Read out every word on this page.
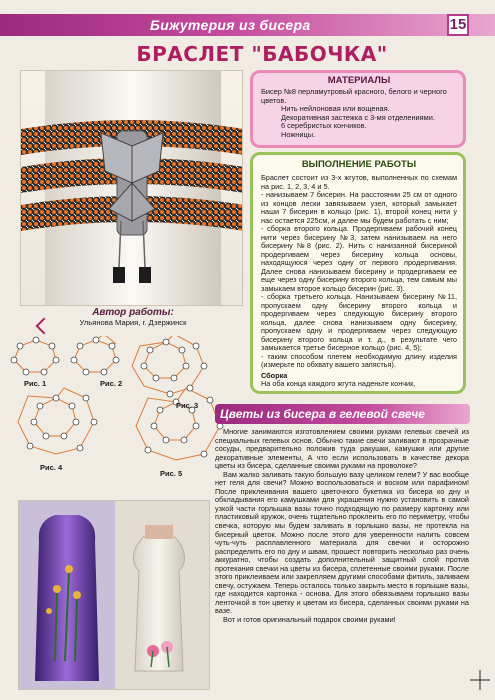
Бижутерия из бисера	15
БРАСЛЕТ "БАБОЧКА"
МАТЕРИАЛЫ

Бисер №8 перламутровый красного, белого и черного цветов.

Нить нейлоновая или вощеная.

Декоративная застежка с 3-мя отделениями.

6 серебристых кончиков.

Ножницы.

ВЫПОЛНЕНИЕ РАБОТЫ

Браслет состоит из 3-х жгутов, выполненных по схемам на рис. 1, 2, 3, 4 и 5.

- нанизываем 7 бисерин. На расстоянии 25 см от одного из концов лески завязываем узел, который замыкает наши 7 бисерин в кольцо (рис. 1), второй конец нити у нас остается 225см, и далее мы будем работать с ним;

- сборка второго кольца. Продергиваем рабочий конец нити через бисерину №3, затем нанизываем на него бисерину №8 (рис. 2). Нить с нанизанной бисериной продергиваем через бисерину кольца основы, находящуюся через одну от первого продергивания. Далее снова нанизываем бисерину и продергиваем ее еще через одну бисерину второго кольца, тем самым мы замыкаем второе кольцо бисерин (рис. 3).

- сборка третьего кольца. Нанизываем бисерину №11, пропускаем одну бисерину второго кольца и продергиваем через следующую бисерину второго кольца, далее снова нанизываем одну бисерину, пропускаем одну и продергиваем через следующую бисерину второго кольца и т. д., в результате чего замыкается третье бисерное кольцо (рис. 4, 5);

- таким способом плетем необходимую длину изделия (измерьте по обхвату вашего запястья).

Сборка

На оба конца каждого жгута наденьте кончик,

Автор работы:
Ульянова Мария, г. Дзержинск
Рис. 1	Рис. 2
Рис. 3
Рис. 4
Рис. 5
Цветы из бисера в гелевой свече

Многие занимаются изготовлением своими руками гелевых свечей из специальных гелевых основ. Обычно такие свечи заливают в прозрачные сосуды, предварительно положив туда ракушки, камушки или другие декоративные элементы, А что если использовать в качестве декора цветы из бисера, сделанные своими руками на проволоке?

Вам жалко заливать такую большую вазу целиком гелем? У вас вообще нет геля для свечи? Можно воспользоваться и воском или парафином! После приклеивания вашего цветочного букетика из бисера ко дну и обкладывания его камушками для украшения нужно установить в самой узкой части горлышка вазы точно подходящую по размеру картонку или пластиковый кружок, очень тщательно проклеить его по периметру, чтобы свечка, которую мы будем заливать в горлышко вазы, не протекла на бисерный цветок. Можно после этого для уверенности налить совсем чуть-чуть расплавленного материала для свечки и осторожно распределить его по дну и швам, прошест повторить несколько раз очень аккуратно, чтобы создать дополнительный защитный слой против протекания свечки на цветы из бисера, сплетенные своими руками. После этого приклеиваем или закрепляем другими способами фитиль, заливаем свечу, остужаем. Теперь осталось только закрыть место в горлышке вазы, где находится картонка - основа. Для этого обвязываем горлышко вазы ленточкой в тон цветку и цветам из бисера, сделанных своими руками на вазе.

Вот и готов оригинальный подарок своими руками!
